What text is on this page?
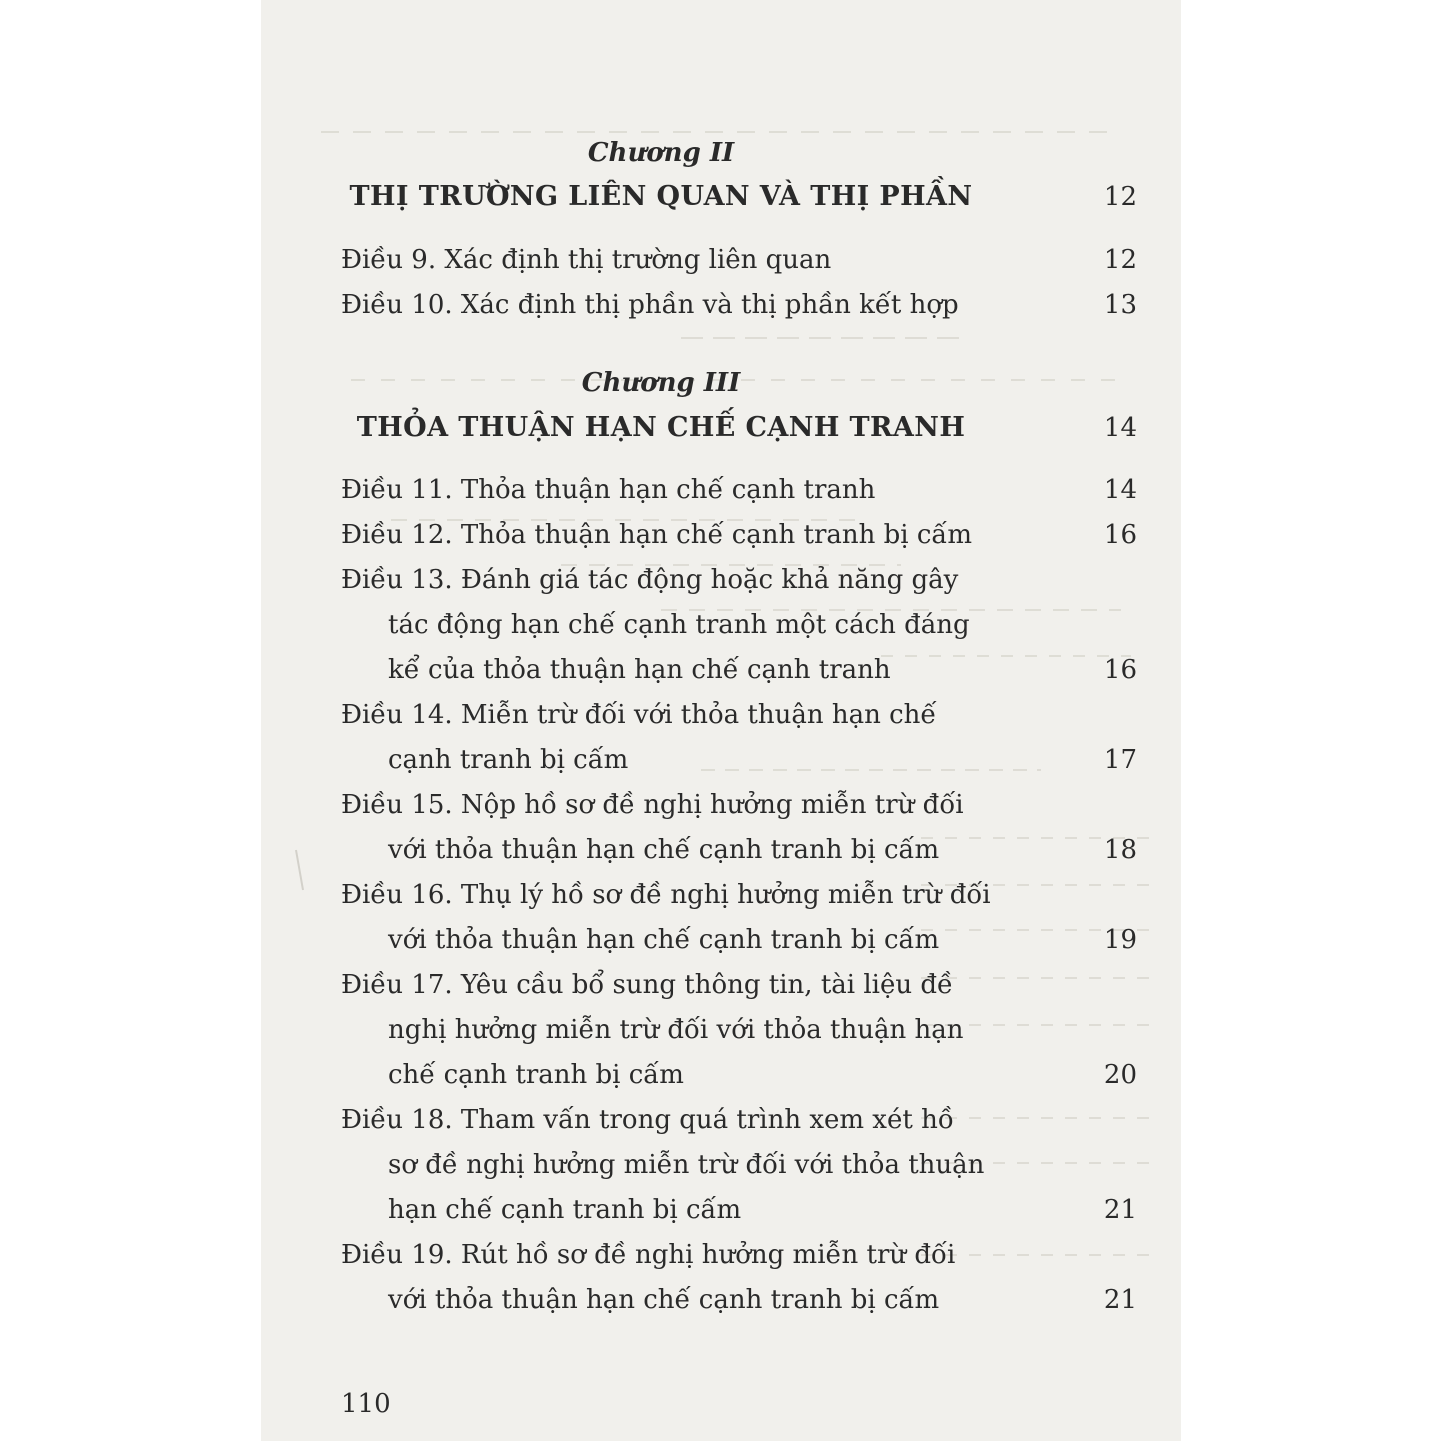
Chương II
THỊ TRƯỜNG LIÊN QUAN VÀ THỊ PHẦN	12
Điều 9. Xác định thị trường liên quan	12
Điều 10. Xác định thị phần và thị phần kết hợp	13
Chương III
THỎA THUẬN HẠN CHẾ CẠNH TRANH	14
Điều 11. Thỏa thuận hạn chế cạnh tranh	14
Điều 12. Thỏa thuận hạn chế cạnh tranh bị cấm	16
Điều 13. Đánh giá tác động hoặc khả năng gây
tác động hạn chế cạnh tranh một cách đáng
kể của thỏa thuận hạn chế cạnh tranh	16
Điều 14. Miễn trừ đối với thỏa thuận hạn chế
cạnh tranh bị cấm	17
Điều 15. Nộp hồ sơ đề nghị hưởng miễn trừ đối
với thỏa thuận hạn chế cạnh tranh bị cấm	18
Điều 16. Thụ lý hồ sơ đề nghị hưởng miễn trừ đối
với thỏa thuận hạn chế cạnh tranh bị cấm	19
Điều 17. Yêu cầu bổ sung thông tin, tài liệu đề
nghị hưởng miễn trừ đối với thỏa thuận hạn
chế cạnh tranh bị cấm	20
Điều 18. Tham vấn trong quá trình xem xét hồ
sơ đề nghị hưởng miễn trừ đối với thỏa thuận
hạn chế cạnh tranh bị cấm	21
Điều 19. Rút hồ sơ đề nghị hưởng miễn trừ đối
với thỏa thuận hạn chế cạnh tranh bị cấm	21
110
